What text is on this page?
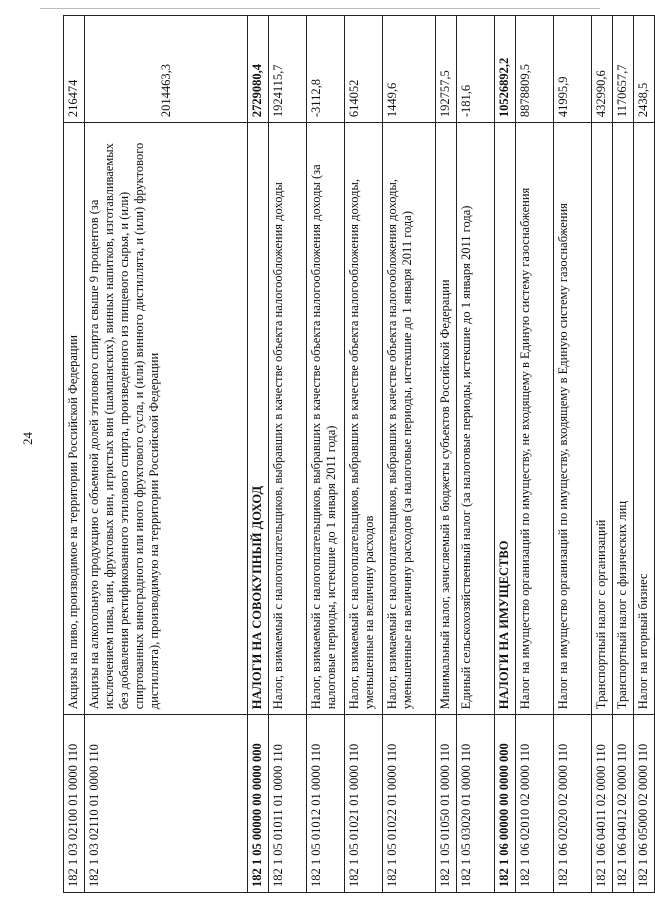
24
182 1 03 02100 01 0000 110	Акцизы на пиво, производимое на территории Российской Федерации	216474
182 1 03 02110 01 0000 110	Акцизы на алкогольную продукцию с объемной долей этилового спирта свыше 9 процентов (за исключением пива, вин, фруктовых вин, игристых вин (шампанских), винных напитков, изготавливаемых без добавления ректификованного этилового спирта, произведенного из пищевого сырья, и (или) спиртованных виноградного или иного фруктового сусла, и (или) винного дистиллята, и (или) фруктового дистиллята), производимую на территории Российской Федерации	2014463,3
182 1 05 00000 00 0000 000	НАЛОГИ НА СОВОКУПНЫЙ ДОХОД	2729080,4
182 1 05 01011 01 0000 110	Налог, взимаемый с налогоплательщиков, выбравших в качестве объекта налогообложения доходы	1924115,7
182 1 05 01012 01 0000 110	Налог, взимаемый с налогоплательщиков, выбравших в качестве объекта налогообложения доходы (за налоговые периоды, истекшие до 1 января 2011 года)	-3112,8
182 1 05 01021 01 0000 110	Налог, взимаемый с налогоплательщиков, выбравших в качестве объекта налогообложения доходы, уменьшенные на величину расходов	614052
182 1 05 01022 01 0000 110	Налог, взимаемый с налогоплательщиков, выбравших в качестве объекта налогообложения доходы, уменьшенные на величину расходов (за налоговые периоды, истекшие до 1 января 2011 года)	1449,6
182 1 05 01050 01 0000 110	Минимальный налог, зачисляемый в бюджеты субъектов Российской Федерации	192757,5
182 1 05 03020 01 0000 110	Единый сельскохозяйственный налог (за налоговые периоды, истекшие до 1 января 2011 года)	-181,6
182 1 06 00000 00 0000 000	НАЛОГИ НА ИМУЩЕСТВО	10526892,2
182 1 06 02010 02 0000 110	Налог на имущество организаций по имуществу, не входящему в Единую систему газоснабжения	8878809,5
182 1 06 02020 02 0000 110	Налог на имущество организаций по имуществу, входящему в Единую систему газоснабжения	41995,9
182 1 06 04011 02 0000 110	Транспортный налог с организаций	432990,6
182 1 06 04012 02 0000 110	Транспортный налог с физических лиц	1170657,7
182 1 06 05000 02 0000 110	Налог на игорный бизнес	2438,5
